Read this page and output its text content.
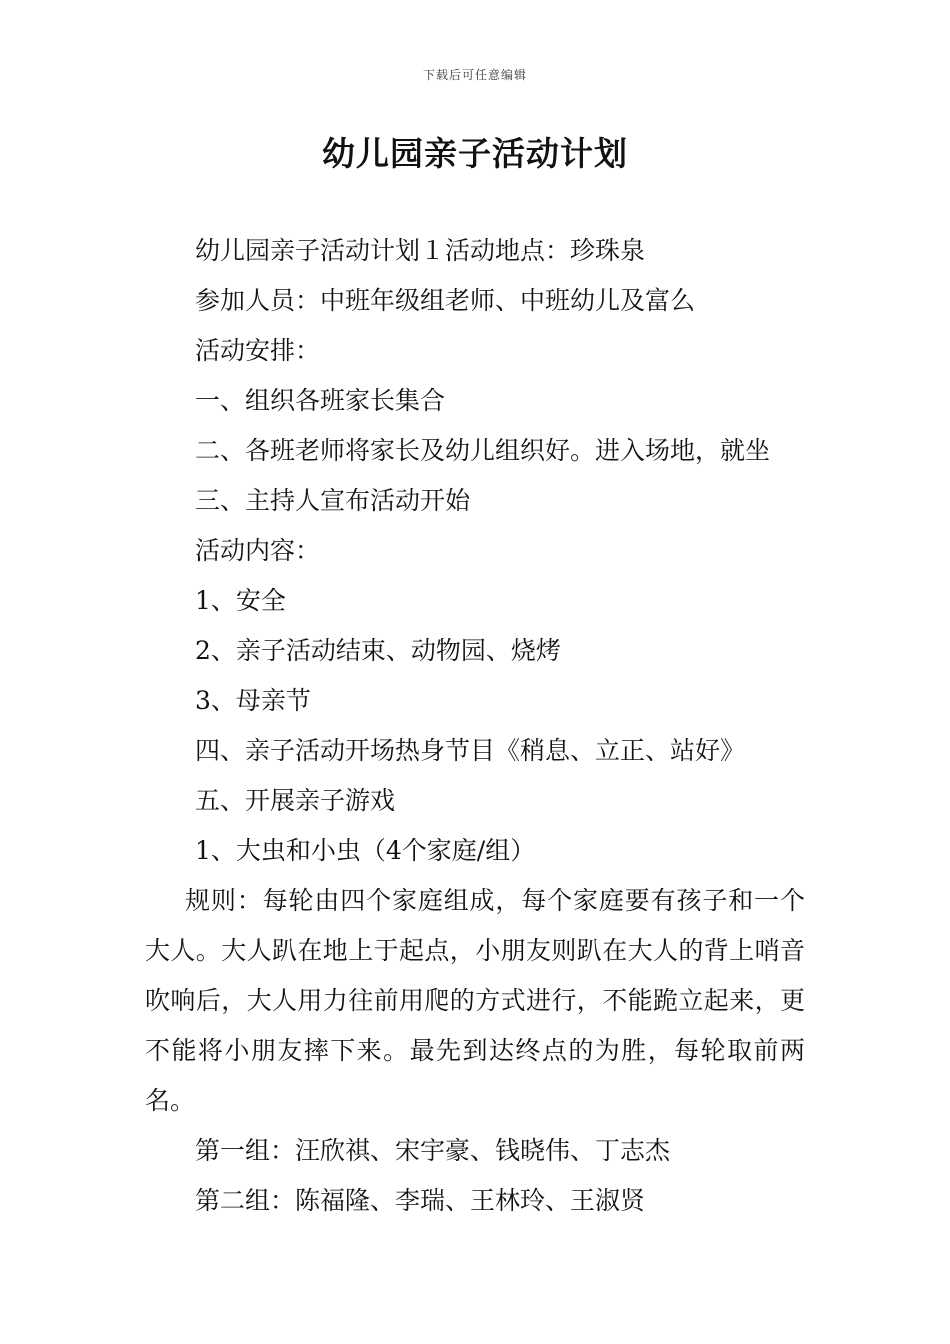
下载后可任意编辑
幼儿园亲子活动计划

幼儿园亲子活动计划１活动地点：珍珠泉

参加人员：中班年级组老师、中班幼儿及富么

活动安排：

一、组织各班家长集合

二、各班老师将家长及幼儿组织好。进入场地，就坐

三、主持人宣布活动开始

活动内容：

1、安全

2、亲子活动结束、动物园、烧烤

3、母亲节

四、亲子活动开场热身节目《稍息、立正、站好》

五、开展亲子游戏

1、大虫和小虫（4个家庭/组）

规则：每轮由四个家庭组成，每个家庭要有孩子和一个大人。大人趴在地上于起点，小朋友则趴在大人的背上哨音吹响后，大人用力往前用爬的方式进行，不能跪立起来，更不能将小朋友摔下来。最先到达终点的为胜，每轮取前两名。

第一组：汪欣祺、宋宇豪、钱晓伟、丁志杰

第二组：陈福隆、李瑞、王林玲、王淑贤
